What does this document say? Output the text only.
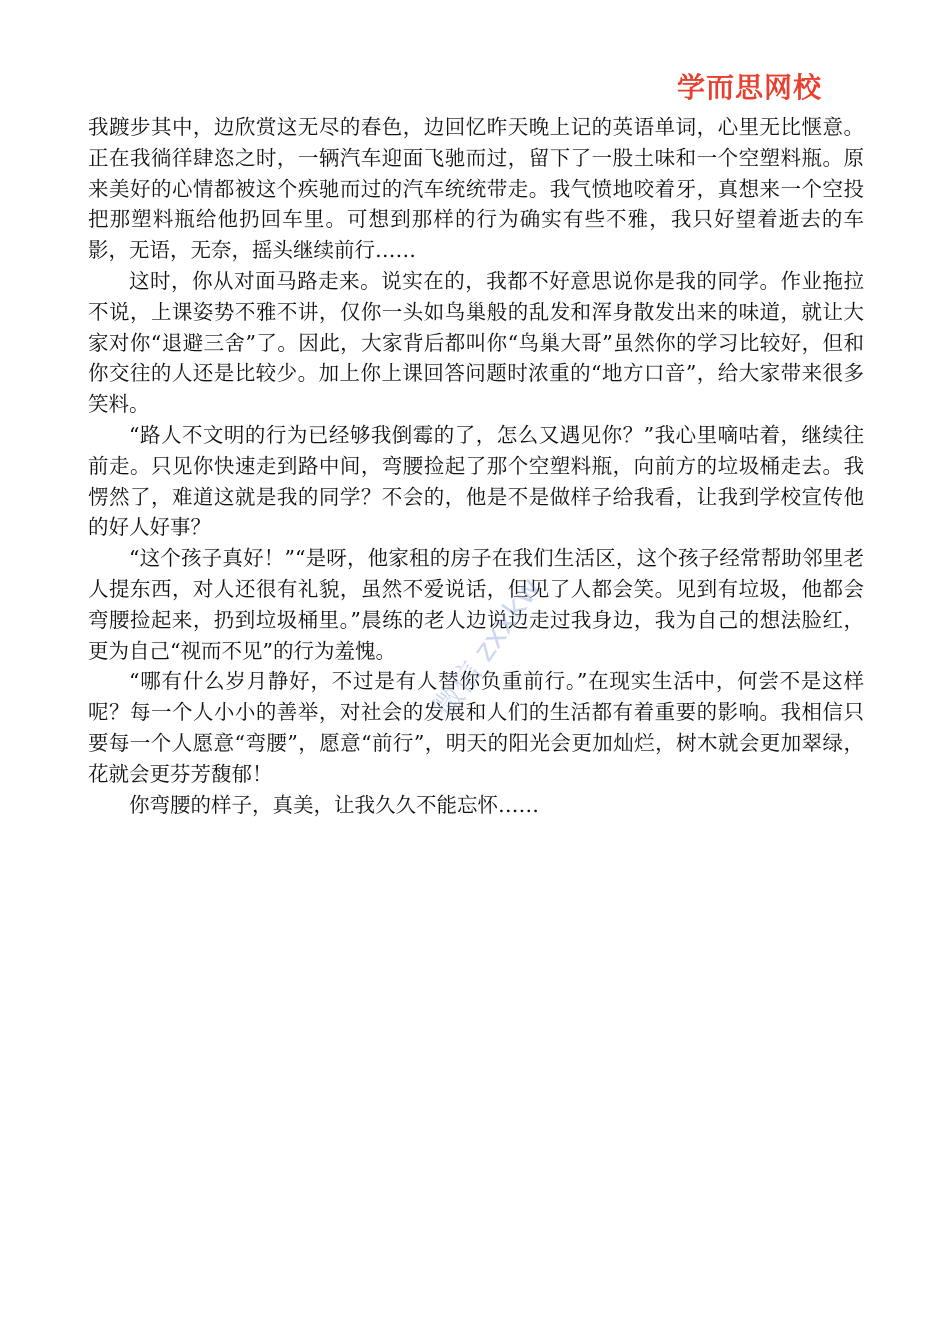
学而思网校

我踱步其中，边欣赏这无尽的春色，边回忆昨天晚上记的英语单词，心里无比惬意。正在我徜徉肆恣之时，一辆汽车迎面飞驰而过，留下了一股土味和一个空塑料瓶。原来美好的心情都被这个疾驰而过的汽车统统带走。我气愤地咬着牙，真想来一个空投把那塑料瓶给他扔回车里。可想到那样的行为确实有些不雅，我只好望着逝去的车影，无语，无奈，摇头继续前行……

这时，你从对面马路走来。说实在的，我都不好意思说你是我的同学。作业拖拉不说，上课姿势不雅不讲，仅你一头如鸟巢般的乱发和浑身散发出来的味道，就让大家对你“退避三舍”了。因此，大家背后都叫你“鸟巢大哥”虽然你的学习比较好，但和你交往的人还是比较少。加上你上课回答问题时浓重的“地方口音”，给大家带来很多笑料。

“路人不文明的行为已经够我倒霉的了，怎么又遇见你？”我心里嘀咕着，继续往前走。只见你快速走到路中间，弯腰捡起了那个空塑料瓶，向前方的垃圾桶走去。我愣然了，难道这就是我的同学？不会的，他是不是做样子给我看，让我到学校宣传他的好人好事？

“这个孩子真好！”“是呀，他家租的房子在我们生活区，这个孩子经常帮助邻里老人提东西，对人还很有礼貌，虽然不爱说话，但见了人都会笑。见到有垃圾，他都会弯腰捡起来，扔到垃圾桶里。”晨练的老人边说边走过我身边，我为自己的想法脸红，更为自己“视而不见”的行为羞愧。

“哪有什么岁月静好，不过是有人替你负重前行。”在现实生活中，何尝不是这样呢？每一个人小小的善举，对社会的发展和人们的生活都有着重要的影响。我相信只要每一个人愿意“弯腰”，愿意“前行”，明天的阳光会更加灿烂，树木就会更加翠绿，花就会更芬芳馥郁！

你弯腰的样子，真美，让我久久不能忘怀……

微信 zxxkw
